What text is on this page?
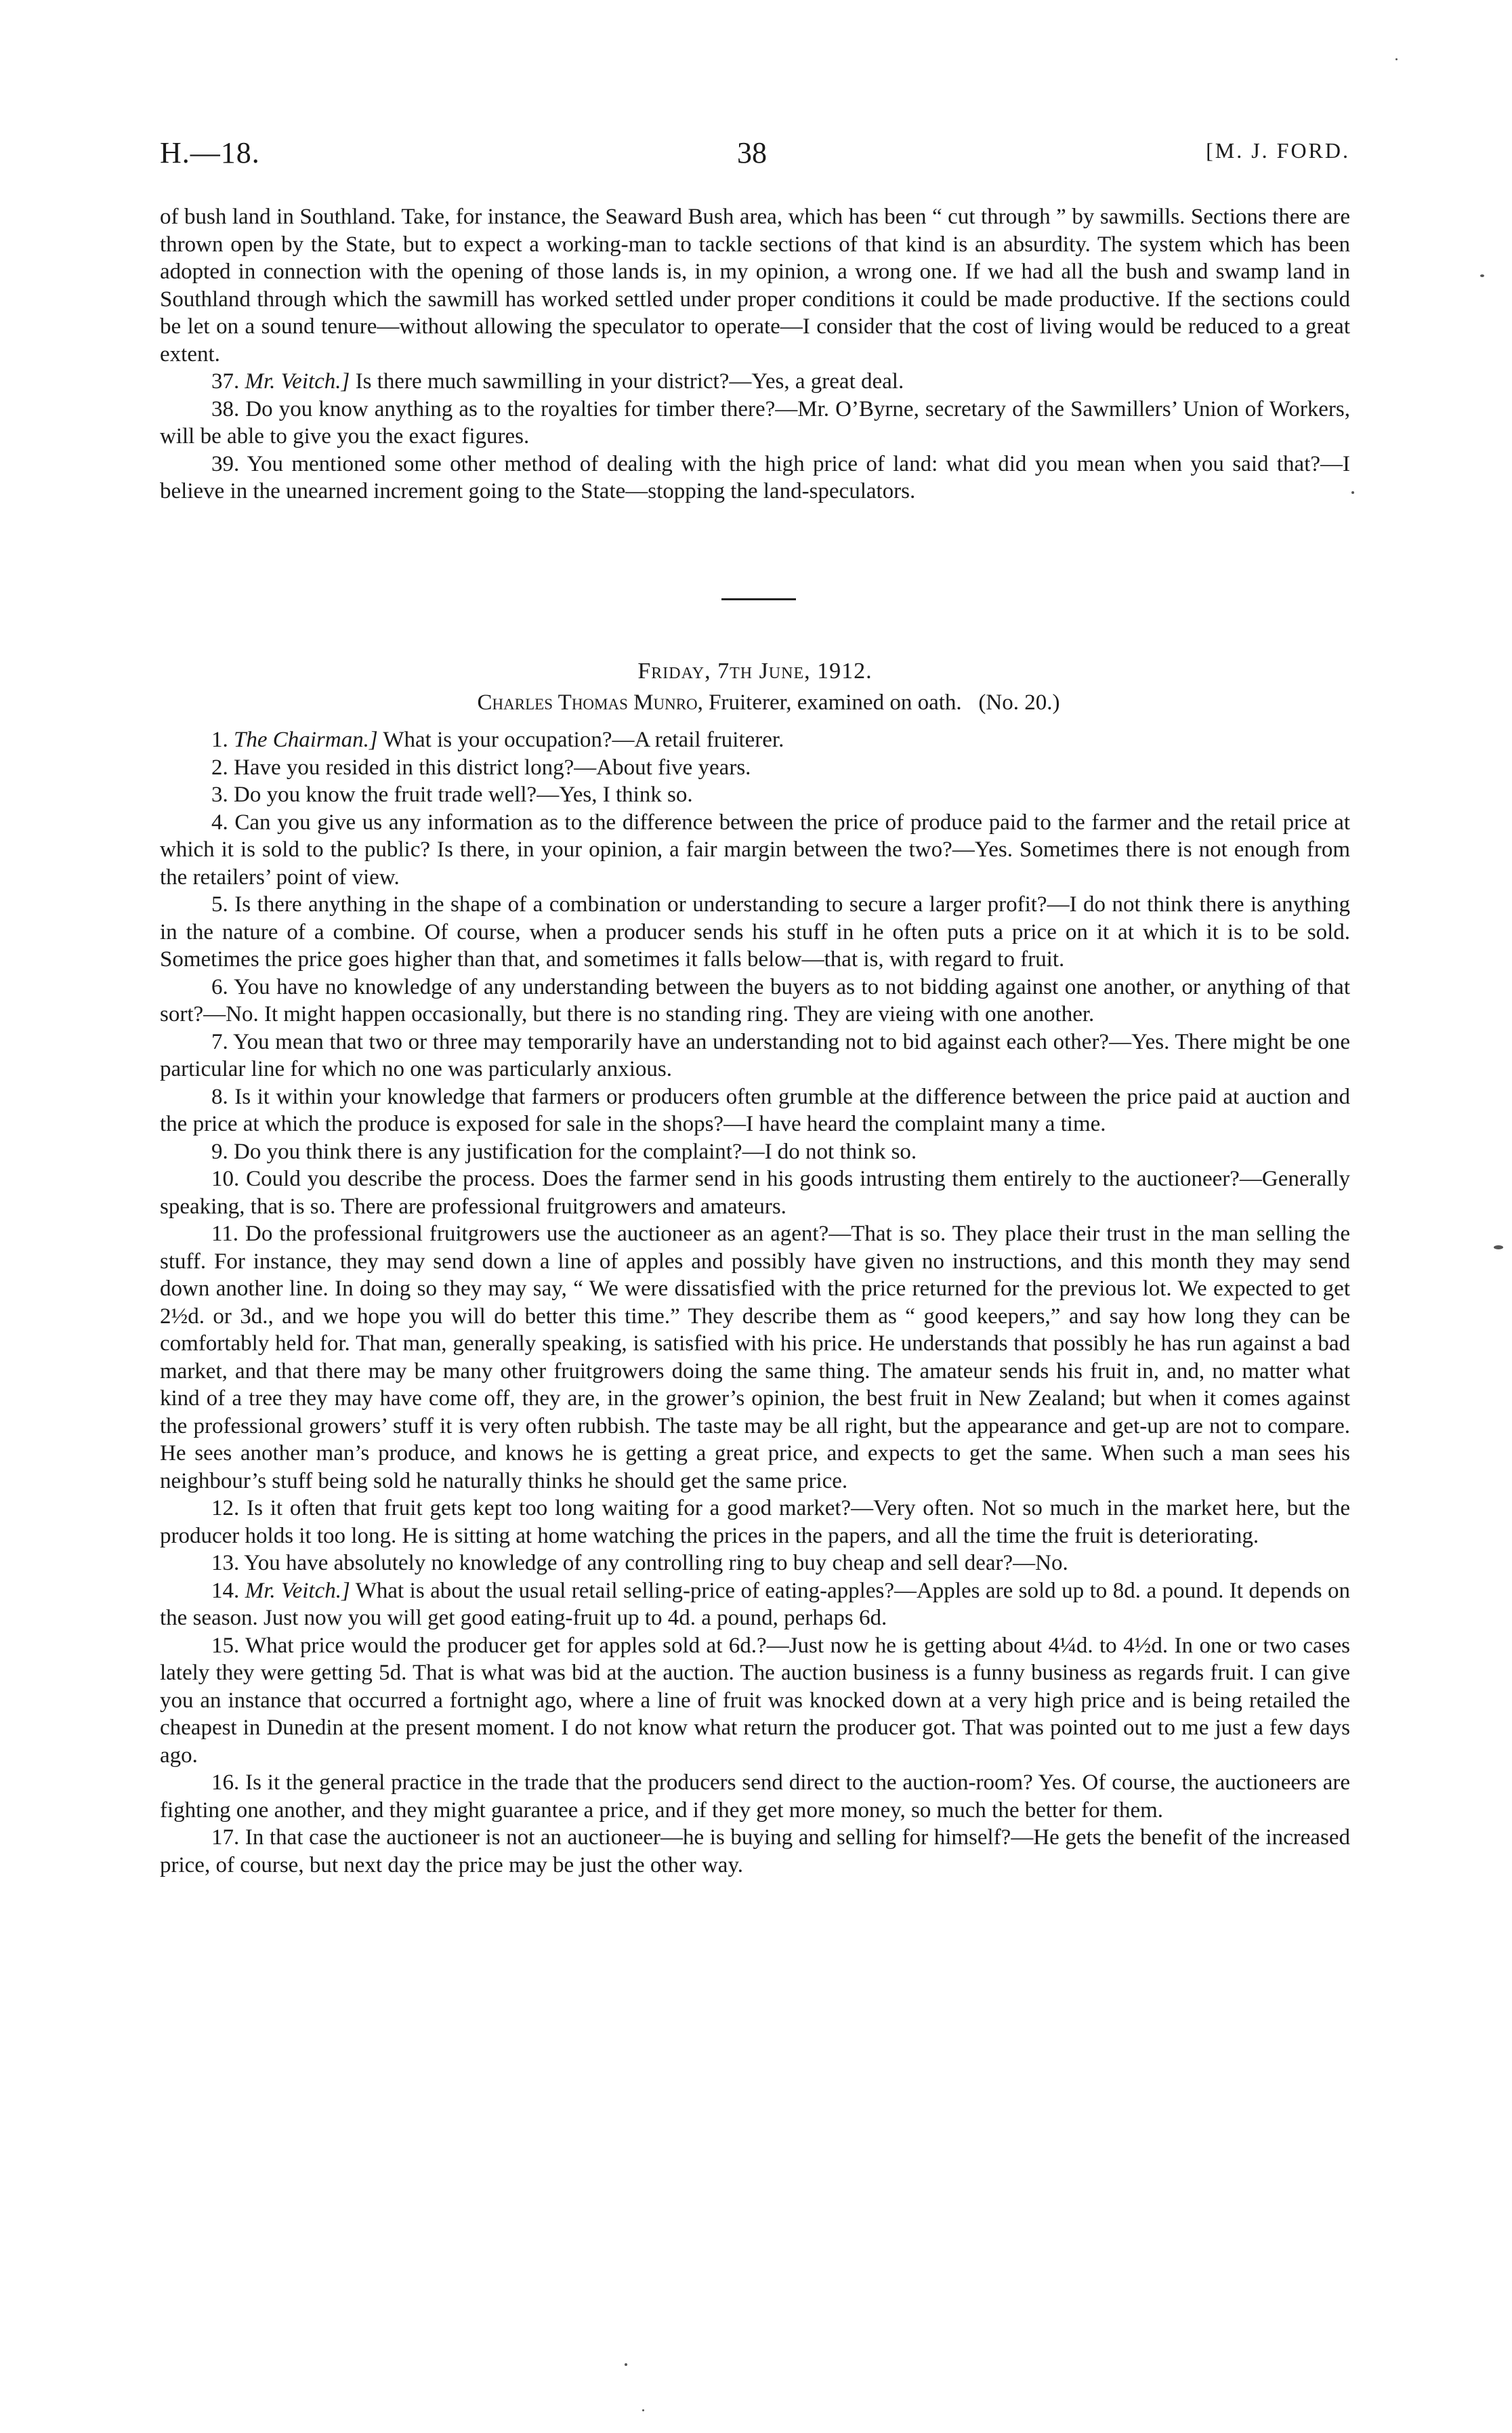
H.—18.	38	[M. J. FORD.

of bush land in Southland. Take, for instance, the Seaward Bush area, which has been “ cut through ” by sawmills. Sections there are thrown open by the State, but to expect a working-man to tackle sections of that kind is an absurdity. The system which has been adopted in connection with the opening of those lands is, in my opinion, a wrong one. If we had all the bush and swamp land in Southland through which the sawmill has worked settled under proper conditions it could be made productive. If the sections could be let on a sound tenure—without allowing the speculator to operate—I consider that the cost of living would be reduced to a great extent.

37. Mr. Veitch.] Is there much sawmilling in your district?—Yes, a great deal.

38. Do you know anything as to the royalties for timber there?—Mr. O’Byrne, secretary of the Sawmillers’ Union of Workers, will be able to give you the exact figures.

39. You mentioned some other method of dealing with the high price of land: what did you mean when you said that?—I believe in the unearned increment going to the State—stopping the land-speculators.

Friday, 7th June, 1912.
Charles Thomas Munro, Fruiterer, examined on oath. (No. 20.)

1. The Chairman.] What is your occupation?—A retail fruiterer.

2. Have you resided in this district long?—About five years.

3. Do you know the fruit trade well?—Yes, I think so.

4. Can you give us any information as to the difference between the price of produce paid to the farmer and the retail price at which it is sold to the public? Is there, in your opinion, a fair margin between the two?—Yes. Sometimes there is not enough from the retailers’ point of view.

5. Is there anything in the shape of a combination or understanding to secure a larger profit?—I do not think there is anything in the nature of a combine. Of course, when a producer sends his stuff in he often puts a price on it at which it is to be sold. Sometimes the price goes higher than that, and sometimes it falls below—that is, with regard to fruit.

6. You have no knowledge of any understanding between the buyers as to not bidding against one another, or anything of that sort?—No. It might happen occasionally, but there is no standing ring. They are vieing with one another.

7. You mean that two or three may temporarily have an understanding not to bid against each other?—Yes. There might be one particular line for which no one was particularly anxious.

8. Is it within your knowledge that farmers or producers often grumble at the difference between the price paid at auction and the price at which the produce is exposed for sale in the shops?—I have heard the complaint many a time.

9. Do you think there is any justification for the complaint?—I do not think so.

10. Could you describe the process. Does the farmer send in his goods intrusting them entirely to the auctioneer?—Generally speaking, that is so. There are professional fruitgrowers and amateurs.

11. Do the professional fruitgrowers use the auctioneer as an agent?—That is so. They place their trust in the man selling the stuff. For instance, they may send down a line of apples and possibly have given no instructions, and this month they may send down another line. In doing so they may say, “ We were dissatisfied with the price returned for the previous lot. We expected to get 2½d. or 3d., and we hope you will do better this time.” They describe them as “ good keepers,” and say how long they can be comfortably held for. That man, generally speaking, is satisfied with his price. He understands that possibly he has run against a bad market, and that there may be many other fruitgrowers doing the same thing. The amateur sends his fruit in, and, no matter what kind of a tree they may have come off, they are, in the grower’s opinion, the best fruit in New Zealand; but when it comes against the professional growers’ stuff it is very often rubbish. The taste may be all right, but the appearance and get-up are not to compare. He sees another man’s produce, and knows he is getting a great price, and expects to get the same. When such a man sees his neighbour’s stuff being sold he naturally thinks he should get the same price.

12. Is it often that fruit gets kept too long waiting for a good market?—Very often. Not so much in the market here, but the producer holds it too long. He is sitting at home watching the prices in the papers, and all the time the fruit is deteriorating.

13. You have absolutely no knowledge of any controlling ring to buy cheap and sell dear?—No.

14. Mr. Veitch.] What is about the usual retail selling-price of eating-apples?—Apples are sold up to 8d. a pound. It depends on the season. Just now you will get good eating-fruit up to 4d. a pound, perhaps 6d.

15. What price would the producer get for apples sold at 6d.?—Just now he is getting about 4¼d. to 4½d. In one or two cases lately they were getting 5d. That is what was bid at the auction. The auction business is a funny business as regards fruit. I can give you an instance that occurred a fortnight ago, where a line of fruit was knocked down at a very high price and is being retailed the cheapest in Dunedin at the present moment. I do not know what return the producer got. That was pointed out to me just a few days ago.

16. Is it the general practice in the trade that the producers send direct to the auction-room? Yes. Of course, the auctioneers are fighting one another, and they might guarantee a price, and if they get more money, so much the better for them.

17. In that case the auctioneer is not an auctioneer—he is buying and selling for himself?—He gets the benefit of the increased price, of course, but next day the price may be just the other way.
